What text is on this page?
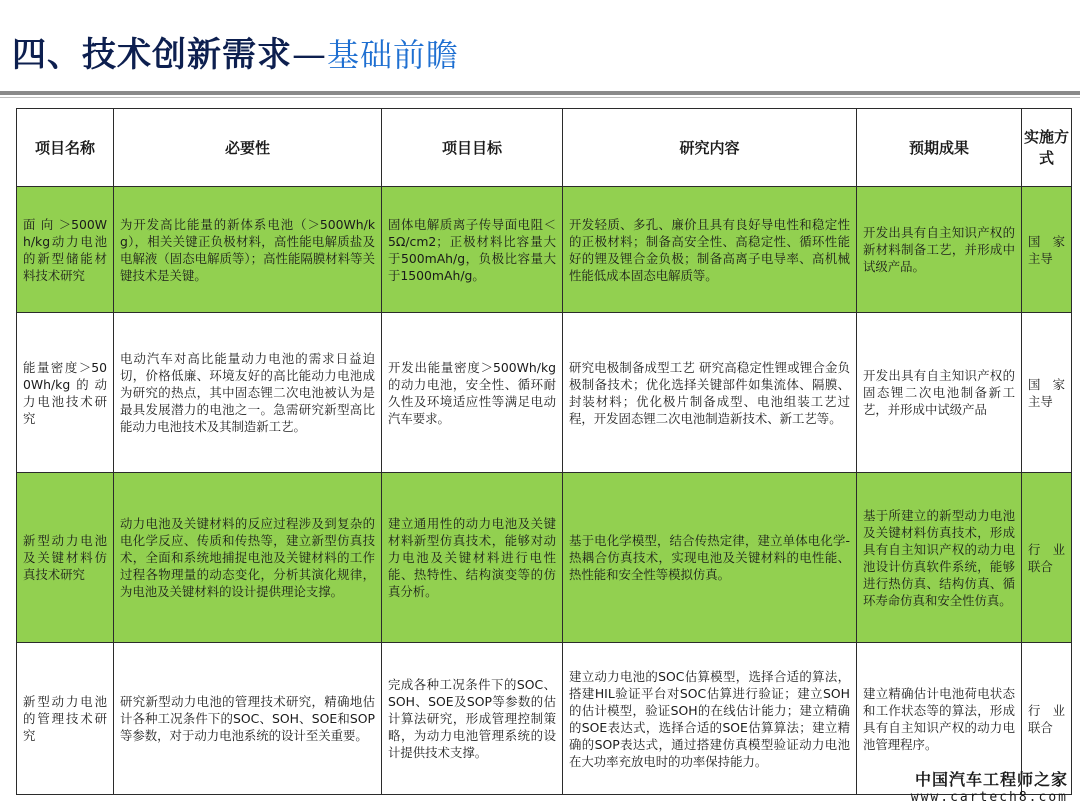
四、技术创新需求—基础前瞻
项目名称	必要性	项目目标	研究内容	预期成果	实施方式
面向＞500Wh/kg动力电池的新型储能材料技术研究	为开发高比能量的新体系电池（＞500Wh/kg），相关关键正负极材料，高性能电解质盐及电解液（固态电解质等）；高性能隔膜材料等关键技术是关键。	固体电解质离子传导面电阻＜5Ω/cm2；正极材料比容量大于500mAh/g，负极比容量大于1500mAh/g。	开发轻质、多孔、廉价且具有良好导电性和稳定性的正极材料；制备高安全性、高稳定性、循环性能好的锂及锂合金负极；制备高离子电导率、高机械性能低成本固态电解质等。	开发出具有自主知识产权的新材料制备工艺，并形成中试级产品。	国家主导
能量密度＞500Wh/kg的动力电池技术研究	电动汽车对高比能量动力电池的需求日益迫切，价格低廉、环境友好的高比能动力电池成为研究的热点，其中固态锂二次电池被认为是最具发展潜力的电池之一。急需研究新型高比能动力电池技术及其制造新工艺。	开发出能量密度＞500Wh/kg的动力电池，安全性、循环耐久性及环境适应性等满足电动汽车要求。	研究电极制备成型工艺 研究高稳定性锂或锂合金负极制备技术；优化选择关键部件如集流体、隔膜、封装材料；优化极片制备成型、电池组装工艺过程，开发固态锂二次电池制造新技术、新工艺等。	开发出具有自主知识产权的固态锂二次电池制备新工艺，并形成中试级产品	国家主导
新型动力电池及关键材料仿真技术研究	动力电池及关键材料的反应过程涉及到复杂的电化学反应、传质和传热等，建立新型仿真技术，全面和系统地捕捉电池及关键材料的工作过程各物理量的动态变化，分析其演化规律，为电池及关键材料的设计提供理论支撑。	建立通用性的动力电池及关键材料新型仿真技术，能够对动力电池及关键材料进行电性能、热特性、结构演变等的仿真分析。	基于电化学模型，结合传热定律，建立单体电化学-热耦合仿真技术，实现电池及关键材料的电性能、热性能和安全性等模拟仿真。	基于所建立的新型动力电池及关键材料仿真技术，形成具有自主知识产权的动力电池设计仿真软件系统，能够进行热仿真、结构仿真、循环寿命仿真和安全性仿真。	行业联合
新型动力电池的管理技术研究	研究新型动力电池的管理技术研究，精确地估计各种工况条件下的SOC、SOH、SOE和SOP等参数，对于动力电池系统的设计至关重要。	完成各种工况条件下的SOC、SOH、SOE及SOP等参数的估计算法研究，形成管理控制策略，为动力电池管理系统的设计提供技术支撑。	建立动力电池的SOC估算模型，选择合适的算法，搭建HIL验证平台对SOC估算进行验证；建立SOH的估计模型，验证SOH的在线估计能力；建立精确的SOE表达式，选择合适的SOE估算算法；建立精确的SOP表达式，通过搭建仿真模型验证动力电池在大功率充放电时的功率保持能力。	建立精确估计电池荷电状态和工作状态等的算法，形成具有自主知识产权的动力电池管理程序。	行业联合
中国汽车工程师之家
www.cartech8.com
